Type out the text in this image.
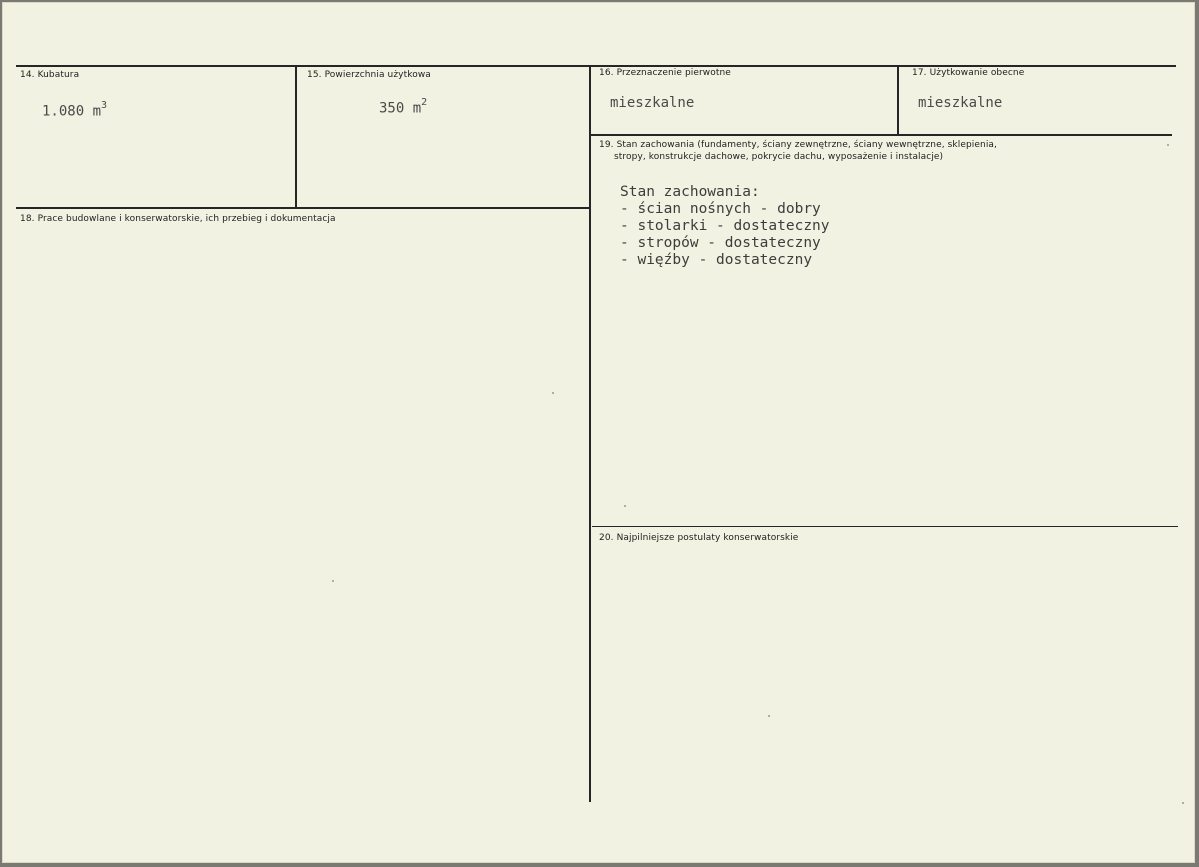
14. Kubatura
1.080 $m^3$
15. Powierzchnia użytkowa
350 $m^2$
16. Przeznaczenie pierwotne
mieszkalne
17. Użytkowanie obecne
mieszkalne
18. Prace budowlane i konserwatorskie, ich przebieg i dokumentacja
19. Stan zachowania (fundamenty, ściany zewnętrzne, ściany wewnętrzne, sklepienia,
stropy, konstrukcje dachowe, pokrycie dachu, wyposażenie i instalacje)
Stan zachowania:
- ścian nośnych - dobry
- stolarki - dostateczny
- stropów - dostateczny
- więźby - dostateczny
20. Najpilniejsze postulaty konserwatorskie
